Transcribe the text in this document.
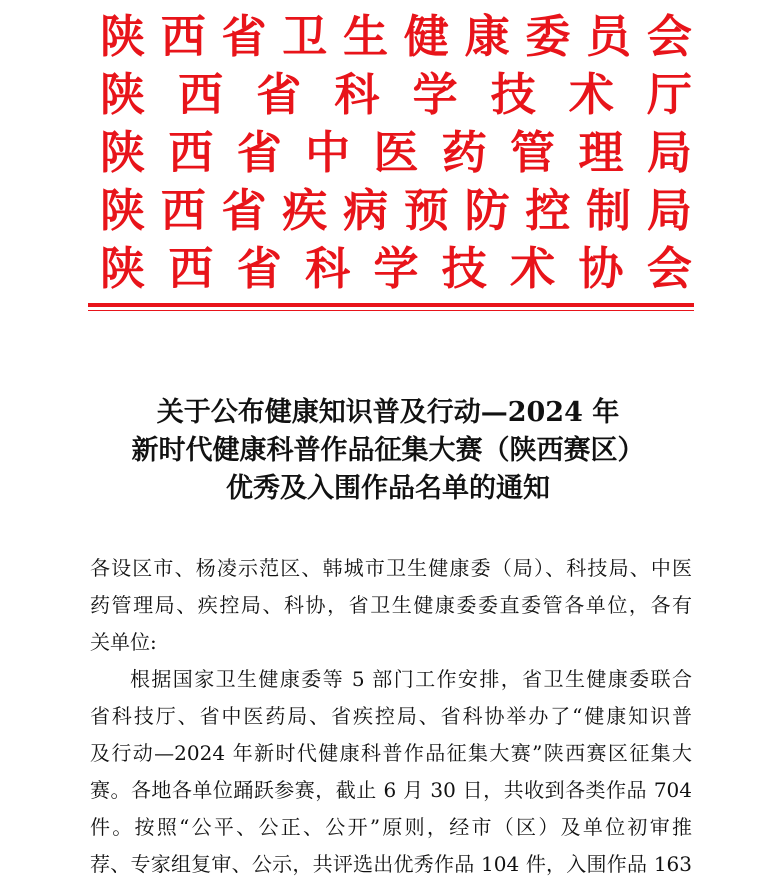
陕 西 省 卫 生 健 康 委 员 会
陕 西 省 科 学 技 术 厅
陕 西 省 中 医 药 管 理 局
陕 西 省 疾 病 预 防 控 制 局
陕 西 省 科 学 技 术 协 会
关于公布健康知识普及行动—2024 年
新时代健康科普作品征集大赛（陕西赛区）
优秀及入围作品名单的通知

各设区市、杨凌示范区、韩城市卫生健康委（局）、科技局、中医
药管理局、疾控局、科协，省卫生健康委委直委管各单位，各有
关单位:

根据国家卫生健康委等 5 部门工作安排，省卫生健康委联合
省科技厅、省中医药局、省疾控局、省科协举办了“健康知识普
及行动—2024 年新时代健康科普作品征集大赛”陕西赛区征集大
赛。各地各单位踊跃参赛，截止 6 月 30 日，共收到各类作品 704
件。按照“公平、公正、公开”原则，经市（区）及单位初审推
荐、专家组复审、公示，共评选出优秀作品 104 件，入围作品 163
